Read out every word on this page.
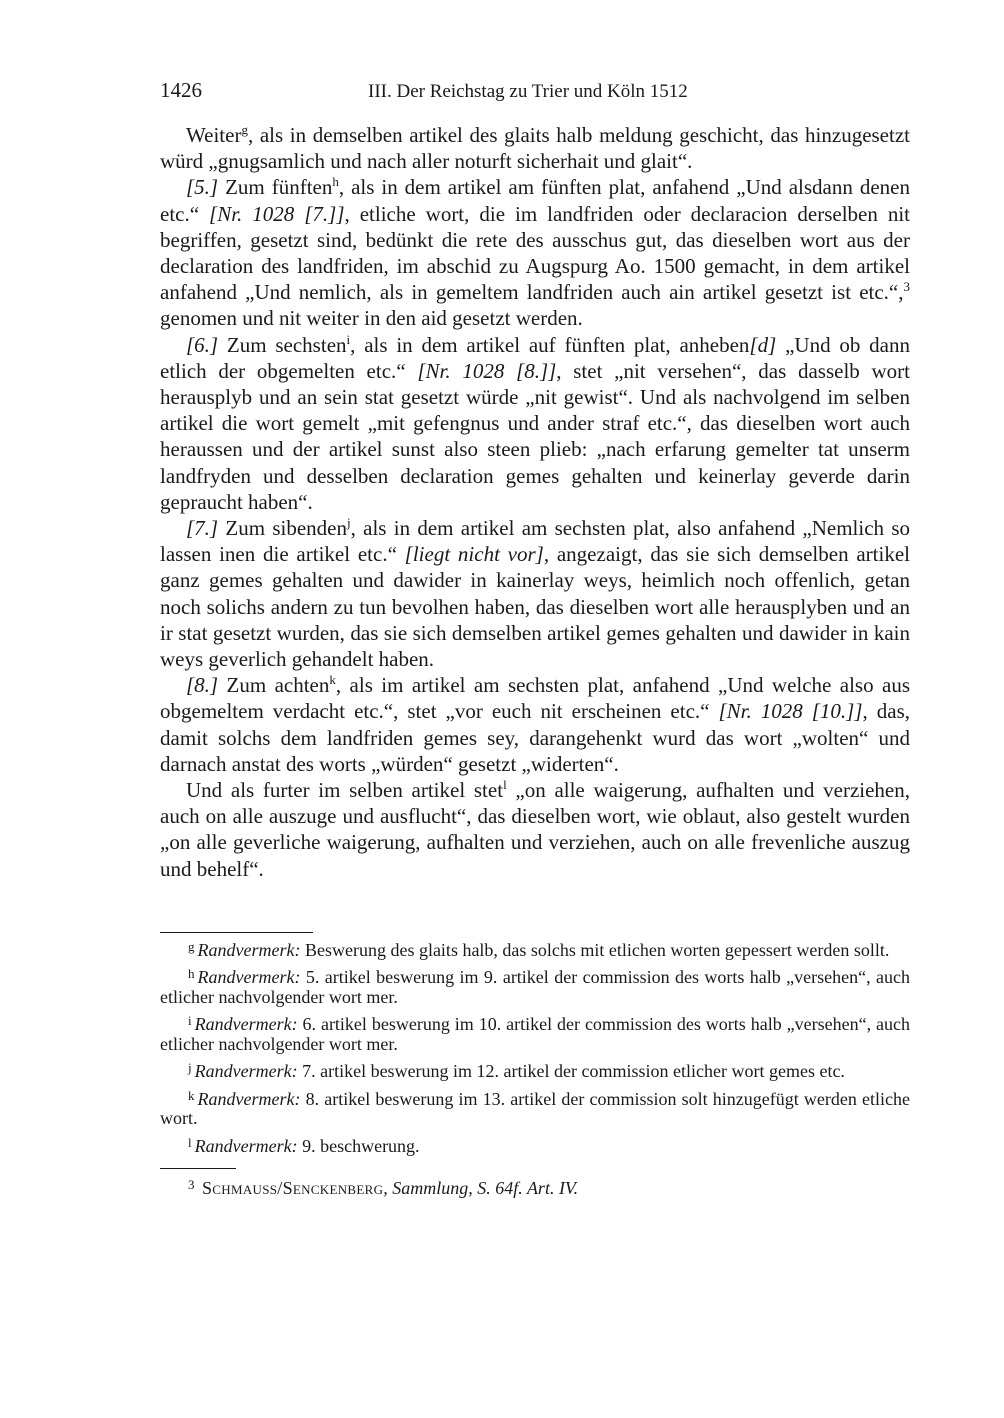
1426	III. Der Reichstag zu Trier und Köln 1512

Weiter$^g$, als in demselben artikel des glaits halb meldung geschicht, das hinzugesetzt würd „gnugsamlich und nach aller noturft sicherhait und glait“.

[5.] Zum fünften$^h$, als in dem artikel am fünften plat, anfahend „Und alsdann denen etc.“ [Nr. 1028 [7.]], etliche wort, die im landfriden oder declaracion derselben nit begriffen, gesetzt sind, bedünkt die rete des ausschus gut, das dieselben wort aus der declaration des landfriden, im abschid zu Augspurg Ao. 1500 gemacht, in dem artikel anfahend „Und nemlich, als in gemeltem landfriden auch ain artikel gesetzt ist etc.“,$^3$ genomen und nit weiter in den aid gesetzt werden.

[6.] Zum sechsten$^i$, als in dem artikel auf fünften plat, anheben[d] „Und ob dann etlich der obgemelten etc.“ [Nr. 1028 [8.]], stet „nit versehen“, das dasselb wort herausplyb und an sein stat gesetzt würde „nit gewist“. Und als nachvolgend im selben artikel die wort gemelt „mit gefengnus und ander straf etc.“, das dieselben wort auch heraussen und der artikel sunst also steen plieb: „nach erfarung gemelter tat unserm landfryden und desselben declaration gemes gehalten und keinerlay geverde darin gepraucht haben“.

[7.] Zum sibenden$^j$, als in dem artikel am sechsten plat, also anfahend „Nemlich so lassen inen die artikel etc.“ [liegt nicht vor], angezaigt, das sie sich demselben artikel ganz gemes gehalten und dawider in kainerlay weys, heimlich noch offenlich, getan noch solichs andern zu tun bevolhen haben, das dieselben wort alle herausplyben und an ir stat gesetzt wurden, das sie sich demselben artikel gemes gehalten und dawider in kain weys geverlich gehandelt haben.

[8.] Zum achten$^k$, als im artikel am sechsten plat, anfahend „Und welche also aus obgemeltem verdacht etc.“, stet „vor euch nit erscheinen etc.“ [Nr. 1028 [10.]], das, damit solchs dem landfriden gemes sey, darangehenkt wurd das wort „wolten“ und darnach anstat des worts „würden“ gesetzt „widerten“.

Und als furter im selben artikel stet$^l$ „on alle waigerung, aufhalten und verziehen, auch on alle auszuge und ausflucht“, das dieselben wort, wie oblaut, also gestelt wurden „on alle geverliche waigerung, aufhalten und verziehen, auch on alle frevenliche auszug und behelf“.

$^g$ Randvermerk: Beswerung des glaits halb, das solchs mit etlichen worten gepessert werden sollt.

$^h$ Randvermerk: 5. artikel beswerung im 9. artikel der commission des worts halb „versehen“, auch etlicher nachvolgender wort mer.

$^i$ Randvermerk: 6. artikel beswerung im 10. artikel der commission des worts halb „versehen“, auch etlicher nachvolgender wort mer.

$^j$ Randvermerk: 7. artikel beswerung im 12. artikel der commission etlicher wort gemes etc.

$^k$ Randvermerk: 8. artikel beswerung im 13. artikel der commission solt hinzugefügt werden etliche wort.

$^l$ Randvermerk: 9. beschwerung.

$^3$ Schmauss/Senckenberg, Sammlung, S. 64f. Art. IV.
